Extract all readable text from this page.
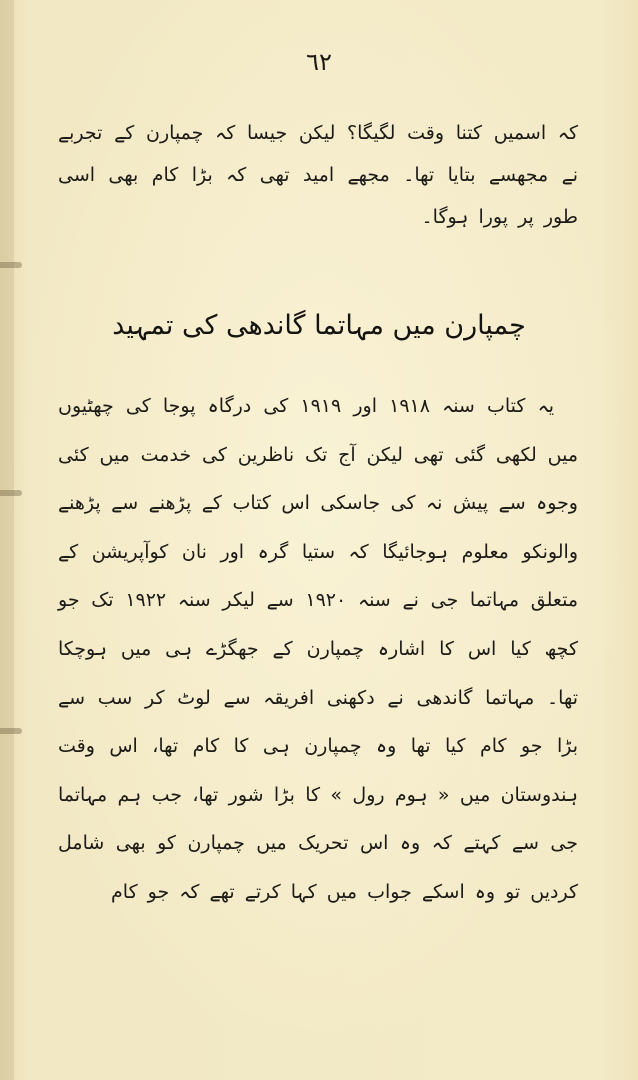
٦٢

کہ اسمیں کتنا وقت لگیگا؟ لیکن جیسا کہ چمپارن کے تجربے نے مجھسے بتایا تھا۔ مجھے امید تھی کہ بڑا کام بھی اسی طور پر پورا ہوگا۔

چمپارن میں مہاتما گاندھی کی تمہید

یہ کتاب سنہ ۱۹۱۸ اور ۱۹۱۹ کی درگاہ پوجا کی چھٹیوں میں لکھی گئی تھی لیکن آج تک ناظرین کی خدمت میں کئی وجوہ سے پیش نہ کی جاسکی اس کتاب کے پڑھنے سے پڑھنے والونکو معلوم ہوجائیگا کہ ستیا گرہ اور نان کوآپریشن کے متعلق مہاتما جی نے سنہ ۱۹۲۰ سے لیکر سنہ ۱۹۲۲ تک جو کچھ کیا اس کا اشارہ چمپارن کے جھگڑے ہی میں ہوچکا تھا۔ مہاتما گاندھی نے دکھنی افریقہ سے لوٹ کر سب سے بڑا جو کام کیا تھا وہ چمپارن ہی کا کام تھا، اس وقت ہندوستان میں « ہوم رول » کا بڑا شور تھا، جب ہم مہاتما جی سے کہتے کہ وہ اس تحریک میں چمپارن کو بھی شامل کردیں تو وہ اسکے جواب میں کہا کرتے تھے کہ جو کام
